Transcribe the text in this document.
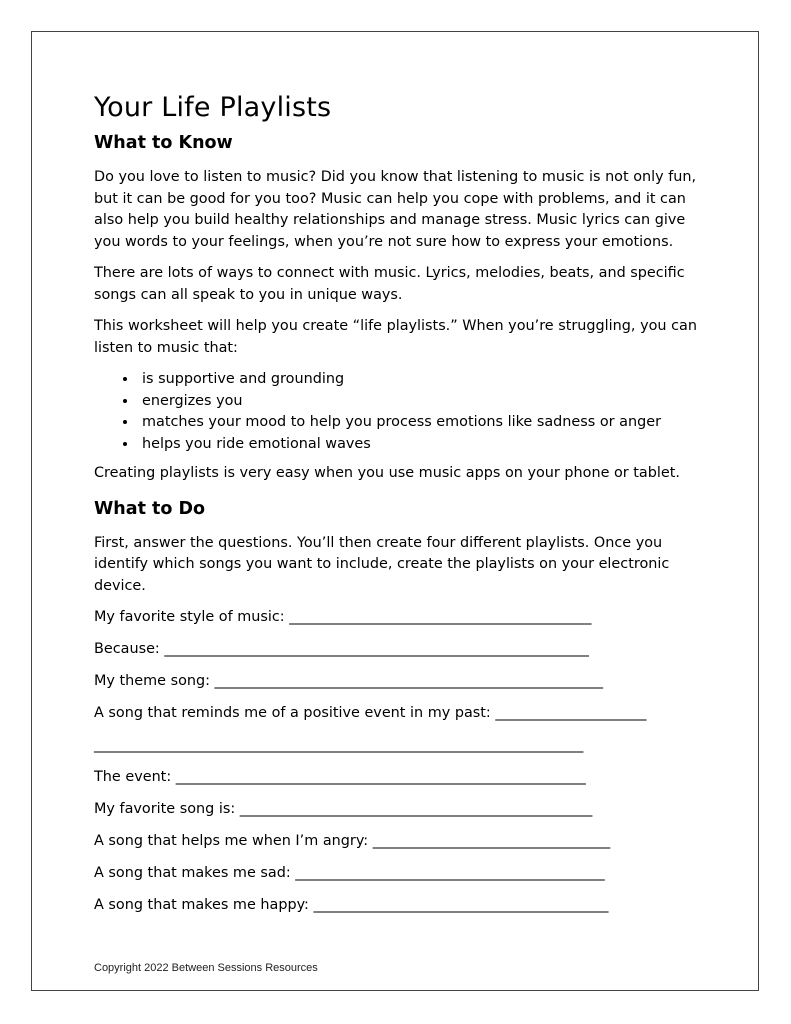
Your Life Playlists
What to Know

Do you love to listen to music? Did you know that listening to music is not only fun, but it can be good for you too? Music can help you cope with problems, and it can also help you build healthy relationships and manage stress. Music lyrics can give you words to your feelings, when you’re not sure how to express your emotions.

There are lots of ways to connect with music. Lyrics, melodies, beats, and specific songs can all speak to you in unique ways.

This worksheet will help you create “life playlists.” When you’re struggling, you can listen to music that:

• is supportive and grounding
• energizes you
• matches your mood to help you process emotions like sadness or anger
• helps you ride emotional waves

Creating playlists is very easy when you use music apps on your phone or tablet.

What to Do

First, answer the questions. You’ll then create four different playlists. Once you identify which songs you want to include, create the playlists on your electronic device.

My favorite style of music: __________________________________________
Because: ___________________________________________________________
My theme song: ______________________________________________________
A song that reminds me of a positive event in my past: _____________________
____________________________________________________________________
The event: _________________________________________________________
My favorite song is: _________________________________________________
A song that helps me when I’m angry: _________________________________
A song that makes me sad: ___________________________________________
A song that makes me happy: _________________________________________
Copyright 2022 Between Sessions Resources
